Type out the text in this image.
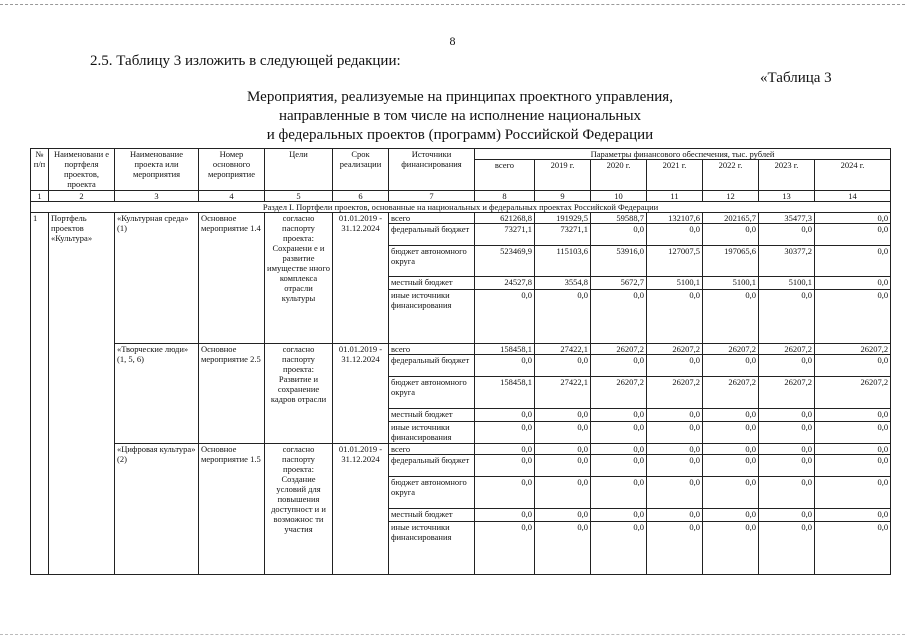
8
2.5. Таблицу 3 изложить в следующей редакции:
«Таблица 3
Мероприятия, реализуемые на принципах проектного управления,
направленные в том числе на исполнение национальных
и федеральных проектов (программ) Российской Федерации
№ п/п	Наименовани е портфеля проектов, проекта	Наименование проекта или мероприятия	Номер основного мероприятие	Цели	Срок реализации	Источники финансирования	Параметры финансового обеспечения, тыс. рублей						
							всего	2019 г.	2020 г.	2021 г.	2022 г.	2023 г.	2024 г.
1	2	3	4	5	6	7	8	9	10	11	12	13	14
Раздел I. Портфели проектов, основанные на национальных и федеральных проектах Российской Федерации													
1	Портфель проектов «Культура»	«Культурная среда» (1)	Основное мероприятие 1.4	согласно паспорту проекта: Сохранени е и развитие имуществе нного комплекса отрасли культуры	01.01.2019 - 31.12.2024	всего	621268,8	191929,5	59588,7	132107,6	202165,7	35477,3	0,0
						федеральный бюджет	73271,1	73271,1	0,0	0,0	0,0	0,0	0,0
						бюджет автономного округа	523469,9	115103,6	53916,0	127007,5	197065,6	30377,2	0,0
						местный бюджет	24527,8	3554,8	5672,7	5100,1	5100,1	5100,1	0,0
						иные источники финансирования	0,0	0,0	0,0	0,0	0,0	0,0	0,0
		«Творческие люди» (1, 5, 6)	Основное мероприятие 2.5	согласно паспорту проекта: Развитие и сохранение кадров отрасли	01.01.2019 - 31.12.2024	всего	158458,1	27422,1	26207,2	26207,2	26207,2	26207,2	26207,2
						федеральный бюджет	0,0	0,0	0,0	0,0	0,0	0,0	0,0
						бюджет автономного округа	158458,1	27422,1	26207,2	26207,2	26207,2	26207,2	26207,2
						местный бюджет	0,0	0,0	0,0	0,0	0,0	0,0	0,0
						иные источники финансирования	0,0	0,0	0,0	0,0	0,0	0,0	0,0
		«Цифровая культура» (2)	Основное мероприятие 1.5	согласно паспорту проекта: Создание условий для повышения доступност и и возможнос ти участия	01.01.2019 - 31.12.2024	всего	0,0	0,0	0,0	0,0	0,0	0,0	0,0
						федеральный бюджет	0,0	0,0	0,0	0,0	0,0	0,0	0,0
						бюджет автономного округа	0,0	0,0	0,0	0,0	0,0	0,0	0,0
						местный бюджет	0,0	0,0	0,0	0,0	0,0	0,0	0,0
						иные источники финансирования	0,0	0,0	0,0	0,0	0,0	0,0	0,0
